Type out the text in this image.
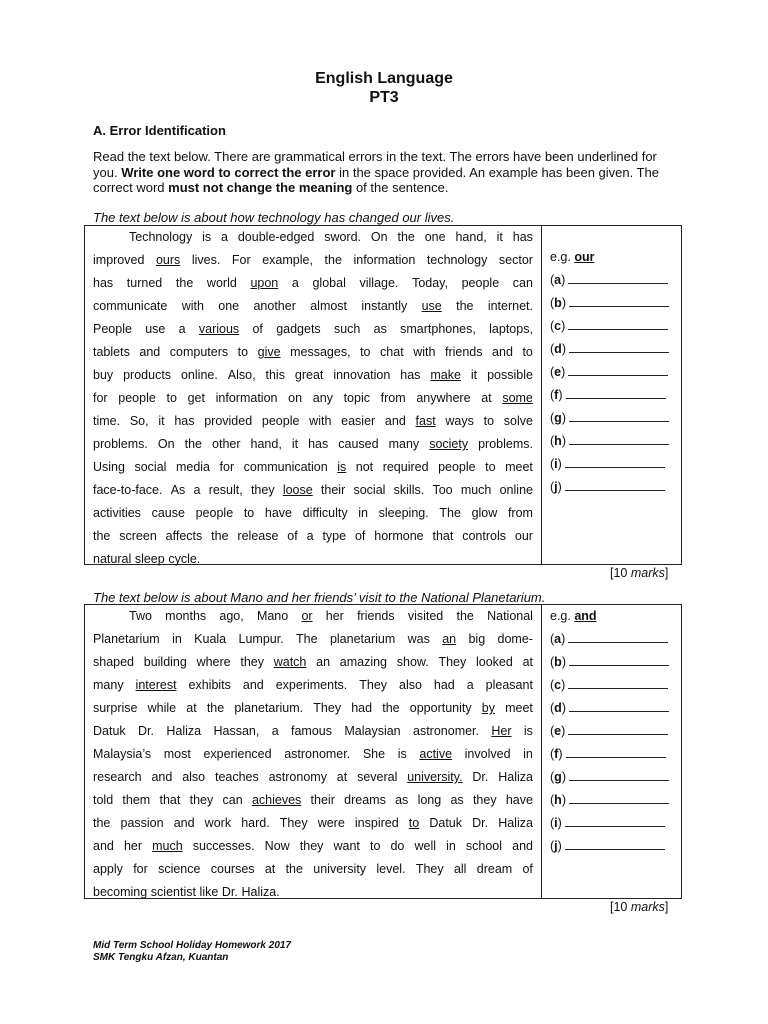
English Language
PT3
A. Error Identification
Read the text below. There are grammatical errors in the text. The errors have been underlined for you. Write one word to correct the error in the space provided. An example has been given. The correct word must not change the meaning of the sentence.
The text below is about how technology has changed our lives.
Technology is a double-edged sword. On the one hand, it has
improved ours lives. For example, the information technology sector
has turned the world upon a global village. Today, people can
communicate with one another almost instantly use the internet.
People use a various of gadgets such as smartphones, laptops,
tablets and computers to give messages, to chat with friends and to
buy products online. Also, this great innovation has make it possible
for people to get information on any topic from anywhere at some
time. So, it has provided people with easier and fast ways to solve
problems. On the other hand, it has caused many society problems.
Using social media for communication is not required people to meet
face-to-face. As a result, they loose their social skills. Too much online
activities cause people to have difficulty in sleeping. The glow from
the screen affects the release of a type of hormone that controls our
natural sleep cycle.
e.g. our
(a)
(b)
(c)
(d)
(e)
(f)
(g)
(h)
(i)
(j)
[10 marks]
The text below is about Mano and her friends’ visit to the National Planetarium.
Two months ago, Mano or her friends visited the National
Planetarium in Kuala Lumpur. The planetarium was an big dome-
shaped building where they watch an amazing show. They looked at
many interest exhibits and experiments. They also had a pleasant
surprise while at the planetarium. They had the opportunity by meet
Datuk Dr. Haliza Hassan, a famous Malaysian astronomer. Her is
Malaysia’s most experienced astronomer. She is active involved in
research and also teaches astronomy at several university. Dr. Haliza
told them that they can achieves their dreams as long as they have
the passion and work hard. They were inspired to Datuk Dr. Haliza
and her much successes. Now they want to do well in school and
apply for science courses at the university level. They all dream of
becoming scientist like Dr. Haliza.
e.g. and
(a)
(b)
(c)
(d)
(e)
(f)
(g)
(h)
(i)
(j)
[10 marks]
Mid Term School Holiday Homework 2017
SMK Tengku Afzan, Kuantan
